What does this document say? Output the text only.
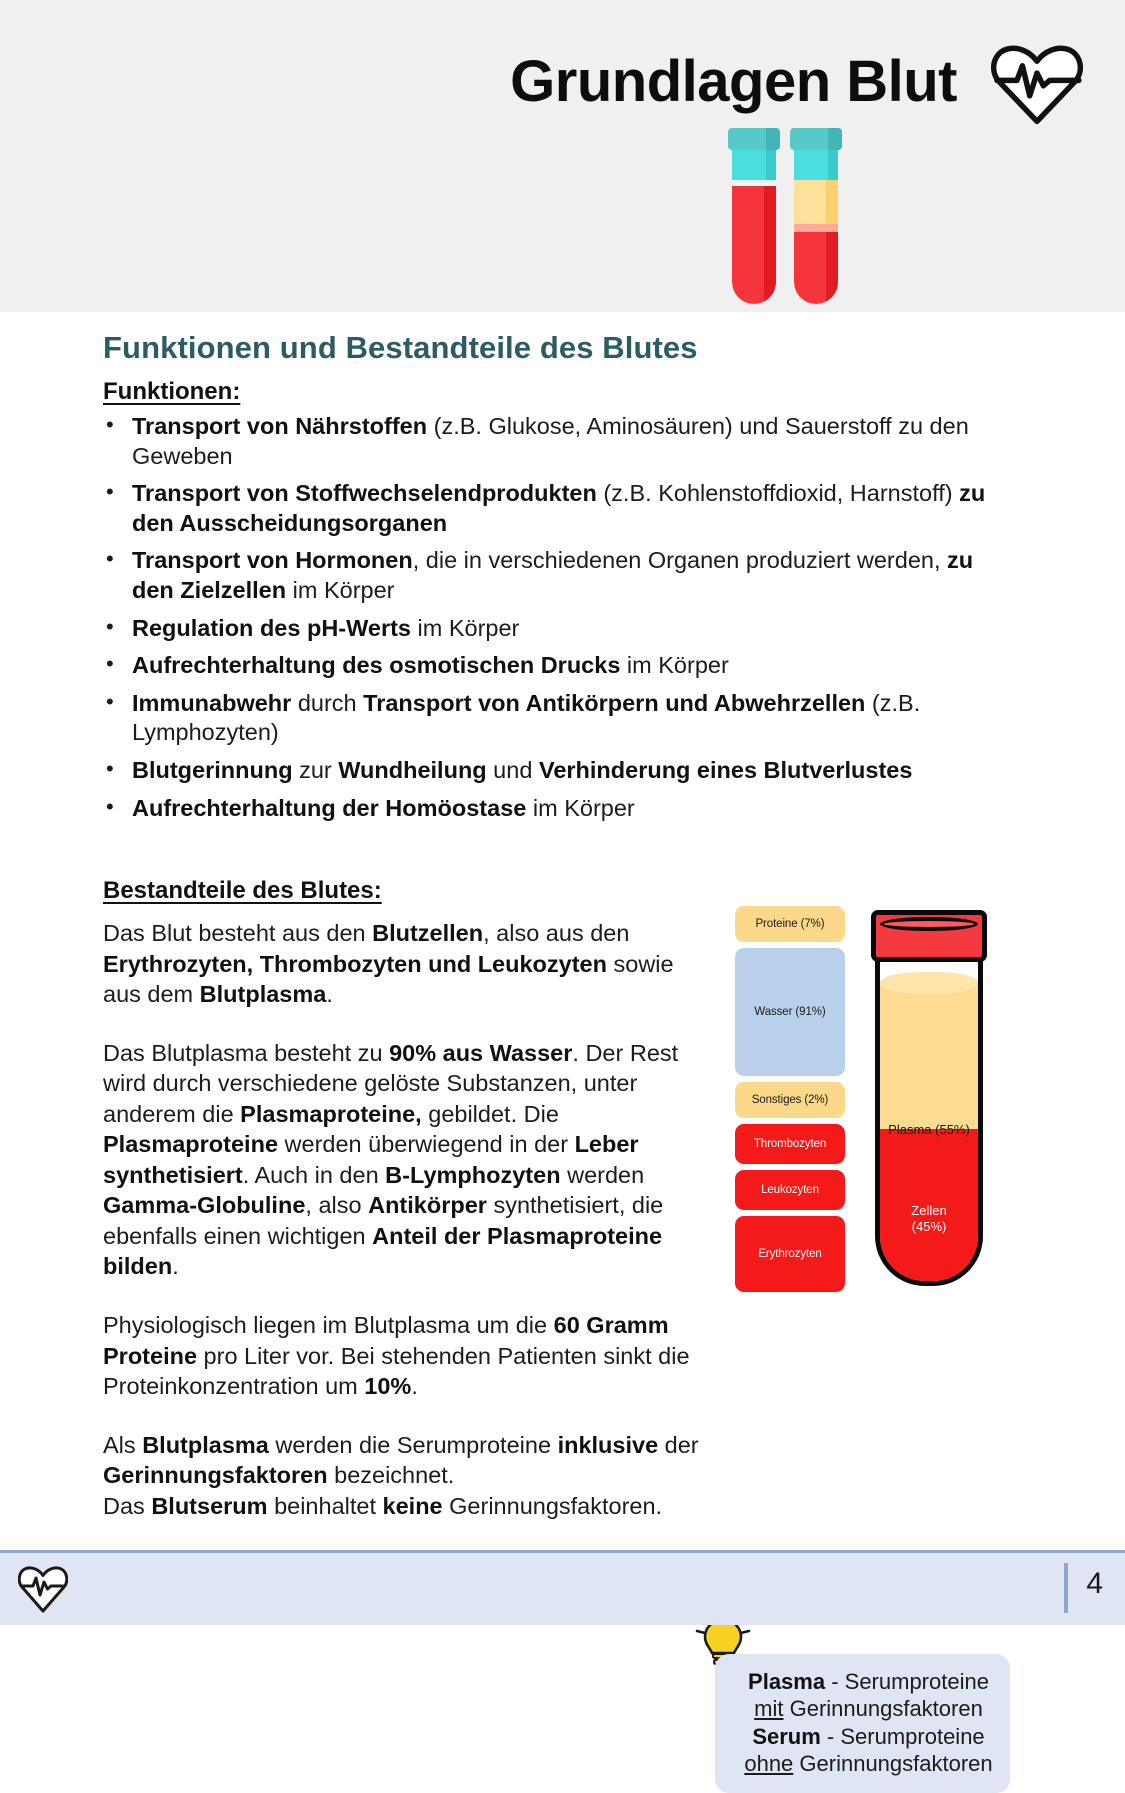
Grundlagen Blut
Funktionen und Bestandteile des Blutes
Funktionen:
• Transport von Nährstoffen (z.B. Glukose, Aminosäuren) und Sauerstoff zu den Geweben
• Transport von Stoffwechselendprodukten (z.B. Kohlenstoffdioxid, Harnstoff) zu den Ausscheidungsorganen
• Transport von Hormonen, die in verschiedenen Organen produziert werden, zu den Zielzellen im Körper
• Regulation des pH-Werts im Körper
• Aufrechterhaltung des osmotischen Drucks im Körper
• Immunabwehr durch Transport von Antikörpern und Abwehrzellen (z.B. Lymphozyten)
• Blutgerinnung zur Wundheilung und Verhinderung eines Blutverlustes
• Aufrechterhaltung der Homöostase im Körper
Bestandteile des Blutes:

Das Blut besteht aus den Blutzellen, also aus den Erythrozyten, Thrombozyten und Leukozyten sowie aus dem Blutplasma.

Das Blutplasma besteht zu 90% aus Wasser. Der Rest wird durch verschiedene gelöste Substanzen, unter anderem die Plasmaproteine, gebildet. Die Plasmaproteine werden überwiegend in der Leber synthetisiert. Auch in den B-Lymphozyten werden Gamma-Globuline, also Antikörper synthetisiert, die ebenfalls einen wichtigen Anteil der Plasmaproteine bilden.

Physiologisch liegen im Blutplasma um die 60 Gramm Proteine pro Liter vor. Bei stehenden Patienten sinkt die Proteinkonzentration um 10%.

Als Blutplasma werden die Serumproteine inklusive der Gerinnungsfaktoren bezeichnet.

Das Blutserum beinhaltet keine Gerinnungsfaktoren.

Proteine (7%)
Wasser (91%)
Sonstiges (2%)
Thrombozyten
Leukozyten
Erythrozyten
Plasma (55%)
Zellen
(45%)
Plasma - Serumproteine
mit Gerinnungsfaktoren
Serum - Serumproteine
ohne Gerinnungsfaktoren
4
